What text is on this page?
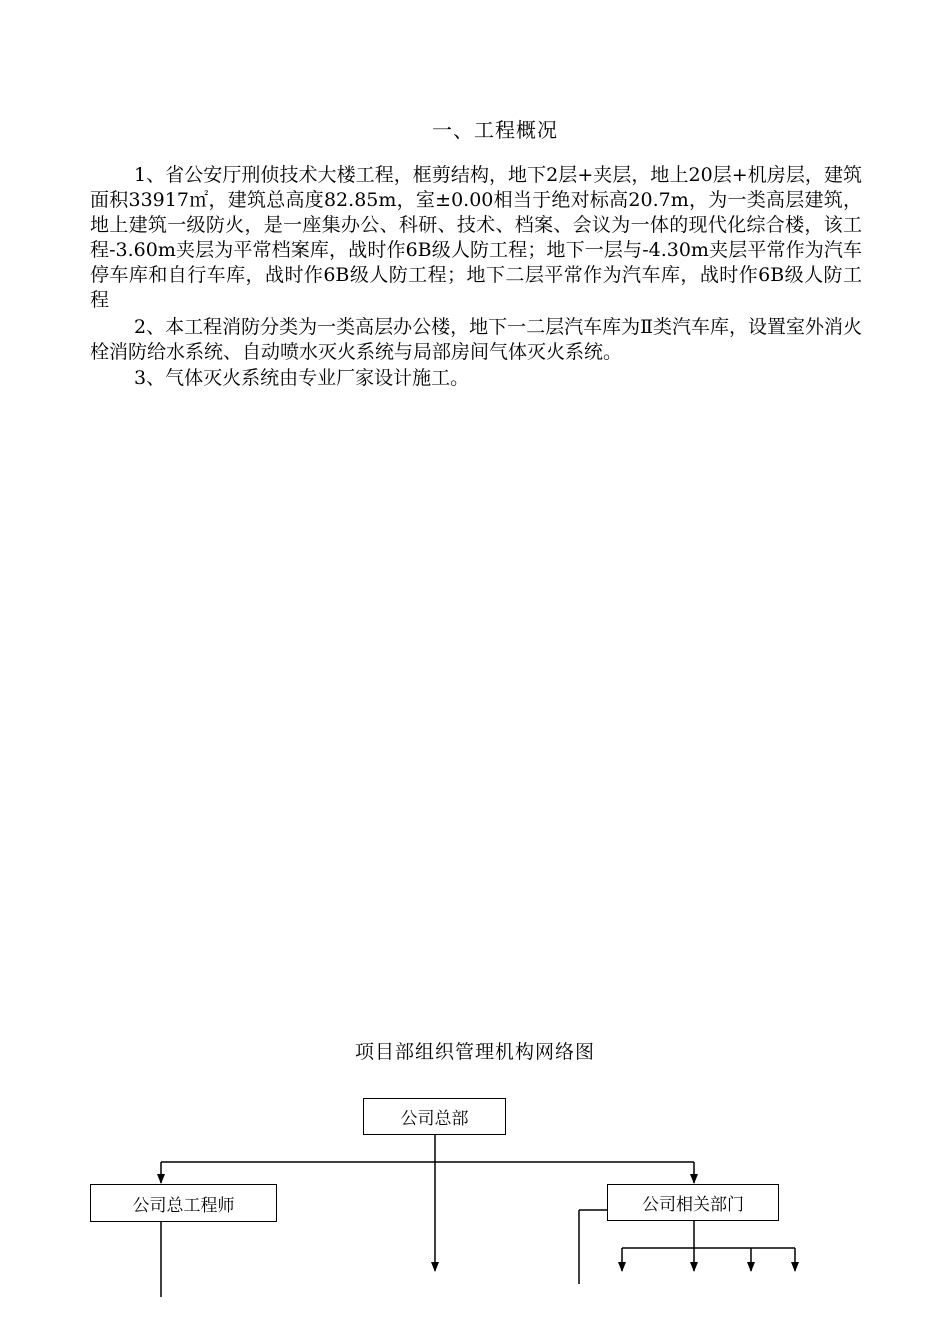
一、工程概况

1、省公安厅刑侦技术大楼工程，框剪结构，地下2层+夹层，地上20层+机房层，建筑面积33917㎡，建筑总高度82.85m，室±0.00相当于绝对标高20.7m，为一类高层建筑，地上建筑一级防火，是一座集办公、科研、技术、档案、会议为一体的现代化综合楼，该工程-3.60m夹层为平常档案库，战时作6B级人防工程；地下一层与-4.30m夹层平常作为汽车停车库和自行车库，战时作6B级人防工程；地下二层平常作为汽车库，战时作6B级人防工程

2、本工程消防分类为一类高层办公楼，地下一二层汽车库为Ⅱ类汽车库，设置室外消火栓消防给水系统、自动喷水灭火系统与局部房间气体灭火系统。

3、气体灭火系统由专业厂家设计施工。

项目部组织管理机构网络图
公司总部
公司总工程师	公司相关部门
